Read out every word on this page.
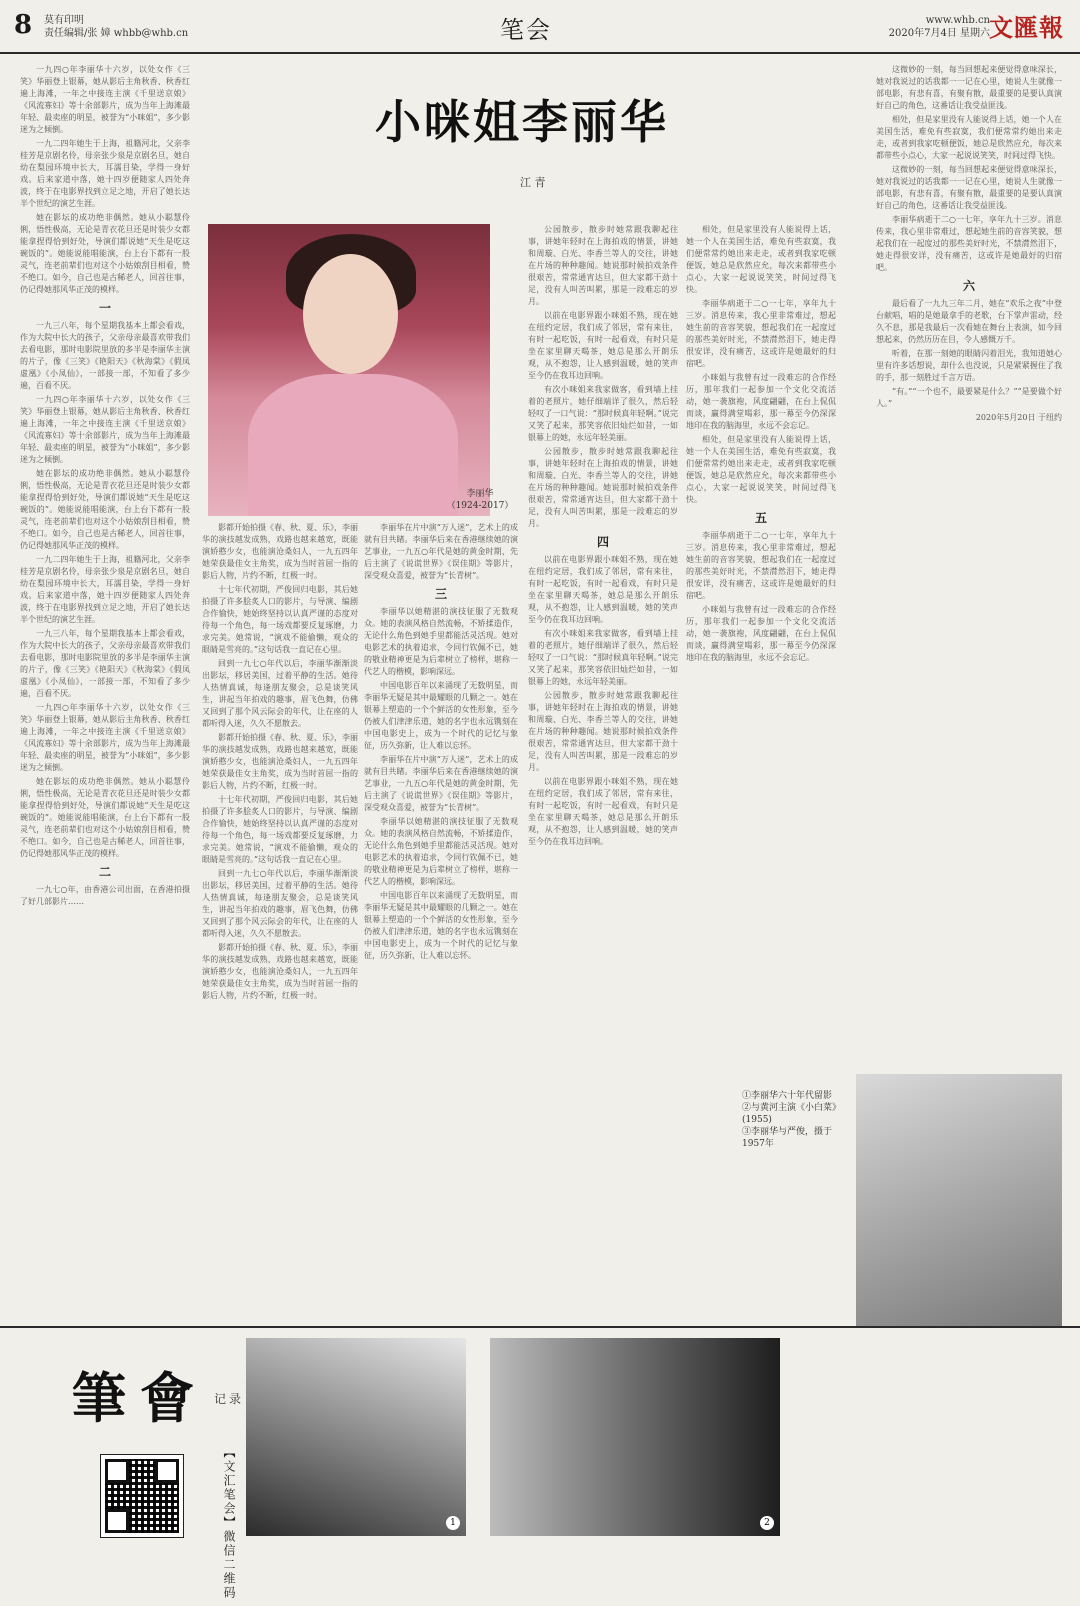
8 莫有印明
责任编辑/张 嫜 whbb@whb.cn	笔会	www.whb.cn
2020年7月4日 星期六 文匯報
小咪姐李丽华
江 青

一九四○年李丽华十六岁，以处女作《三笑》华丽登上银幕，她从影后主角秋香、秋香红遍上海滩，一年之中接连主演《千里送京娘》《风流寡妇》等十余部影片，成为当年上海滩最年轻、最卖座的明星，被誉为“小咪姐”，多少影迷为之倾倒。

一九二四年她生于上海，祖籍河北，父亲李桂芳是京剧名伶，母亲张少泉是京剧名旦，她自幼在梨园环境中长大，耳濡目染，学得一身好戏。后来家道中落，她十四岁便随家人四处奔波，终于在电影界找到立足之地，开启了她长达半个世纪的演艺生涯。

她在影坛的成功绝非偶然。她从小聪慧伶俐，悟性极高，无论是青衣花旦还是时装少女都能拿捏得恰到好处，导演们都说她“天生是吃这碗饭的”。她能说能唱能演，台上台下都有一股灵气，连老前辈们也对这个小姑娘刮目相看，赞不绝口。如今，自己也是古稀老人，回首往事，仍记得她那风华正茂的模样。

一

一九三八年，每个星期我基本上都会看戏，作为大院中长大的孩子，父亲母亲最喜欢带我们去看电影，那时电影院里放的多半是李丽华主演的片子，像《三笑》《艳阳天》《秋海棠》《假凤虚凰》《小凤仙》，一部接一部，不知看了多少遍，百看不厌。

一九四○年李丽华十六岁，以处女作《三笑》华丽登上银幕，她从影后主角秋香、秋香红遍上海滩，一年之中接连主演《千里送京娘》《风流寡妇》等十余部影片，成为当年上海滩最年轻、最卖座的明星，被誉为“小咪姐”，多少影迷为之倾倒。

她在影坛的成功绝非偶然。她从小聪慧伶俐，悟性极高，无论是青衣花旦还是时装少女都能拿捏得恰到好处，导演们都说她“天生是吃这碗饭的”。她能说能唱能演，台上台下都有一股灵气，连老前辈们也对这个小姑娘刮目相看，赞不绝口。如今，自己也是古稀老人，回首往事，仍记得她那风华正茂的模样。

一九二四年她生于上海，祖籍河北，父亲李桂芳是京剧名伶，母亲张少泉是京剧名旦，她自幼在梨园环境中长大，耳濡目染，学得一身好戏。后来家道中落，她十四岁便随家人四处奔波，终于在电影界找到立足之地，开启了她长达半个世纪的演艺生涯。

一九三八年，每个星期我基本上都会看戏，作为大院中长大的孩子，父亲母亲最喜欢带我们去看电影，那时电影院里放的多半是李丽华主演的片子，像《三笑》《艳阳天》《秋海棠》《假凤虚凰》《小凤仙》，一部接一部，不知看了多少遍，百看不厌。

一九四○年李丽华十六岁，以处女作《三笑》华丽登上银幕，她从影后主角秋香、秋香红遍上海滩，一年之中接连主演《千里送京娘》《风流寡妇》等十余部影片，成为当年上海滩最年轻、最卖座的明星，被誉为“小咪姐”，多少影迷为之倾倒。

她在影坛的成功绝非偶然。她从小聪慧伶俐，悟性极高，无论是青衣花旦还是时装少女都能拿捏得恰到好处，导演们都说她“天生是吃这碗饭的”。她能说能唱能演，台上台下都有一股灵气，连老前辈们也对这个小姑娘刮目相看，赞不绝口。如今，自己也是古稀老人，回首往事，仍记得她那风华正茂的模样。

二

一九七○年，由香港公司出面，在香港拍摄了好几部影片……

李丽华
（1924-2017）

影都开始拍摄《春、秋、夏、乐》，李丽华的演技越发成熟，戏路也越来越宽，既能演娇憨少女，也能演沧桑妇人，一九五四年她荣获最佳女主角奖，成为当时首屈一指的影后人物，片约不断，红极一时。

十七年代初期，严俊回归电影，其后她拍摄了许多脍炙人口的影片，与导演、编剧合作愉快，她始终坚持以认真严谨的态度对待每一个角色，每一场戏都要反复琢磨，力求完美。她常说，“演戏不能偷懒，观众的眼睛是雪亮的。”这句话我一直记在心里。

回到一九七○年代以后，李丽华渐渐淡出影坛，移居美国，过着平静的生活。她待人热情真诚，每逢朋友聚会，总是谈笑风生，讲起当年拍戏的趣事，眉飞色舞，仿佛又回到了那个风云际会的年代，让在座的人都听得入迷，久久不愿散去。

影都开始拍摄《春、秋、夏、乐》，李丽华的演技越发成熟，戏路也越来越宽，既能演娇憨少女，也能演沧桑妇人，一九五四年她荣获最佳女主角奖，成为当时首屈一指的影后人物，片约不断，红极一时。

十七年代初期，严俊回归电影，其后她拍摄了许多脍炙人口的影片，与导演、编剧合作愉快，她始终坚持以认真严谨的态度对待每一个角色，每一场戏都要反复琢磨，力求完美。她常说，“演戏不能偷懒，观众的眼睛是雪亮的。”这句话我一直记在心里。

回到一九七○年代以后，李丽华渐渐淡出影坛，移居美国，过着平静的生活。她待人热情真诚，每逢朋友聚会，总是谈笑风生，讲起当年拍戏的趣事，眉飞色舞，仿佛又回到了那个风云际会的年代，让在座的人都听得入迷，久久不愿散去。

影都开始拍摄《春、秋、夏、乐》，李丽华的演技越发成熟，戏路也越来越宽，既能演娇憨少女，也能演沧桑妇人，一九五四年她荣获最佳女主角奖，成为当时首屈一指的影后人物，片约不断，红极一时。

李丽华在片中演“万人迷”，艺术上的成就有目共睹。李丽华后来在香港继续她的演艺事业，一九五○年代是她的黄金时期，先后主演了《说谎世界》《误佳期》等影片，深受观众喜爱，被誉为“长青树”。

三

李丽华以她精湛的演技征服了无数观众。她的表演风格自然流畅，不矫揉造作，无论什么角色到她手里都能活灵活现。她对电影艺术的执着追求，令同行钦佩不已，她的敬业精神更是为后辈树立了榜样，堪称一代艺人的楷模，影响深远。

中国电影百年以来涌现了无数明星，而李丽华无疑是其中最耀眼的几颗之一。她在银幕上塑造的一个个鲜活的女性形象，至今仍被人们津津乐道，她的名字也永远镌刻在中国电影史上，成为一个时代的记忆与象征，历久弥新，让人难以忘怀。

李丽华在片中演“万人迷”，艺术上的成就有目共睹。李丽华后来在香港继续她的演艺事业，一九五○年代是她的黄金时期，先后主演了《说谎世界》《误佳期》等影片，深受观众喜爱，被誉为“长青树”。

李丽华以她精湛的演技征服了无数观众。她的表演风格自然流畅，不矫揉造作，无论什么角色到她手里都能活灵活现。她对电影艺术的执着追求，令同行钦佩不已，她的敬业精神更是为后辈树立了榜样，堪称一代艺人的楷模，影响深远。

中国电影百年以来涌现了无数明星，而李丽华无疑是其中最耀眼的几颗之一。她在银幕上塑造的一个个鲜活的女性形象，至今仍被人们津津乐道，她的名字也永远镌刻在中国电影史上，成为一个时代的记忆与象征，历久弥新，让人难以忘怀。

公园散步，散步时她常跟我聊起往事，讲她年轻时在上海拍戏的情景，讲她和周璇、白光、李香兰等人的交往，讲她在片场的种种趣闻。她说那时候拍戏条件很艰苦，常常通宵达旦，但大家都干劲十足，没有人叫苦叫累，那是一段难忘的岁月。

以前在电影界跟小咪姐不熟，现在她在纽约定居，我们成了邻居，常有来往，有时一起吃饭，有时一起看戏，有时只是坐在家里聊天喝茶，她总是那么开朗乐观，从不抱怨，让人感到温暖，她的笑声至今仍在我耳边回响。

有次小咪姐来我家做客，看到墙上挂着的老照片，她仔细端详了很久，然后轻轻叹了一口气说：“那时候真年轻啊。”说完又笑了起来，那笑容依旧灿烂如昔，一如银幕上的她，永远年轻美丽。

公园散步，散步时她常跟我聊起往事，讲她年轻时在上海拍戏的情景，讲她和周璇、白光、李香兰等人的交往，讲她在片场的种种趣闻。她说那时候拍戏条件很艰苦，常常通宵达旦，但大家都干劲十足，没有人叫苦叫累，那是一段难忘的岁月。

四

以前在电影界跟小咪姐不熟，现在她在纽约定居，我们成了邻居，常有来往，有时一起吃饭，有时一起看戏，有时只是坐在家里聊天喝茶，她总是那么开朗乐观，从不抱怨，让人感到温暖，她的笑声至今仍在我耳边回响。

有次小咪姐来我家做客，看到墙上挂着的老照片，她仔细端详了很久，然后轻轻叹了一口气说：“那时候真年轻啊。”说完又笑了起来，那笑容依旧灿烂如昔，一如银幕上的她，永远年轻美丽。

公园散步，散步时她常跟我聊起往事，讲她年轻时在上海拍戏的情景，讲她和周璇、白光、李香兰等人的交往，讲她在片场的种种趣闻。她说那时候拍戏条件很艰苦，常常通宵达旦，但大家都干劲十足，没有人叫苦叫累，那是一段难忘的岁月。

以前在电影界跟小咪姐不熟，现在她在纽约定居，我们成了邻居，常有来往，有时一起吃饭，有时一起看戏，有时只是坐在家里聊天喝茶，她总是那么开朗乐观，从不抱怨，让人感到温暖，她的笑声至今仍在我耳边回响。

相处，但是家里没有人能说得上话，她一个人在美国生活，难免有些寂寞，我们便常常约她出来走走，或者到我家吃顿便饭，她总是欣然应允，每次来都带些小点心，大家一起说说笑笑，时间过得飞快。

李丽华病逝于二○一七年，享年九十三岁。消息传来，我心里非常难过，想起她生前的音容笑貌，想起我们在一起度过的那些美好时光，不禁潸然泪下，她走得很安详，没有痛苦，这或许是她最好的归宿吧。

小咪姐与我曾有过一段难忘的合作经历，那年我们一起参加一个文化交流活动，她一袭旗袍，风度翩翩，在台上侃侃而谈，赢得满堂喝彩，那一幕至今仍深深地印在我的脑海里，永远不会忘记。

相处，但是家里没有人能说得上话，她一个人在美国生活，难免有些寂寞，我们便常常约她出来走走，或者到我家吃顿便饭，她总是欣然应允，每次来都带些小点心，大家一起说说笑笑，时间过得飞快。

五

李丽华病逝于二○一七年，享年九十三岁。消息传来，我心里非常难过，想起她生前的音容笑貌，想起我们在一起度过的那些美好时光，不禁潸然泪下，她走得很安详，没有痛苦，这或许是她最好的归宿吧。

小咪姐与我曾有过一段难忘的合作经历，那年我们一起参加一个文化交流活动，她一袭旗袍，风度翩翩，在台上侃侃而谈，赢得满堂喝彩，那一幕至今仍深深地印在我的脑海里，永远不会忘记。

这微妙的一刻，每当回想起来便觉得意味深长，她对我说过的话我都一一记在心里，她说人生就像一部电影，有悲有喜，有聚有散，最重要的是要认真演好自己的角色，这番话让我受益匪浅。

相处，但是家里没有人能说得上话，她一个人在美国生活，难免有些寂寞，我们便常常约她出来走走，或者到我家吃顿便饭，她总是欣然应允，每次来都带些小点心，大家一起说说笑笑，时间过得飞快。

这微妙的一刻，每当回想起来便觉得意味深长，她对我说过的话我都一一记在心里，她说人生就像一部电影，有悲有喜，有聚有散，最重要的是要认真演好自己的角色，这番话让我受益匪浅。

李丽华病逝于二○一七年，享年九十三岁。消息传来，我心里非常难过，想起她生前的音容笑貌，想起我们在一起度过的那些美好时光，不禁潸然泪下，她走得很安详，没有痛苦，这或许是她最好的归宿吧。

六

最后看了一九九三年二月，她在“欢乐之夜”中登台献唱，唱的是她最拿手的老歌，台下掌声雷动，经久不息，那是我最后一次看她在舞台上表演，如今回想起来，仍然历历在目，令人感慨万千。

听着，在那一刻她的眼睛闪着泪光，我知道她心里有许多话想说，却什么也没说，只是紧紧握住了我的手，那一刻胜过千言万语。

“有。”“一个也不，最要紧是什么？”“是要做个好人。”

2020年5月20日 于纽约

①李丽华六十年代留影
②与黄河主演《小白菜》(1955)
③李丽华与严俊，摄于1957年
筆會 记录
【文汇笔会】微信二维码	1	2
